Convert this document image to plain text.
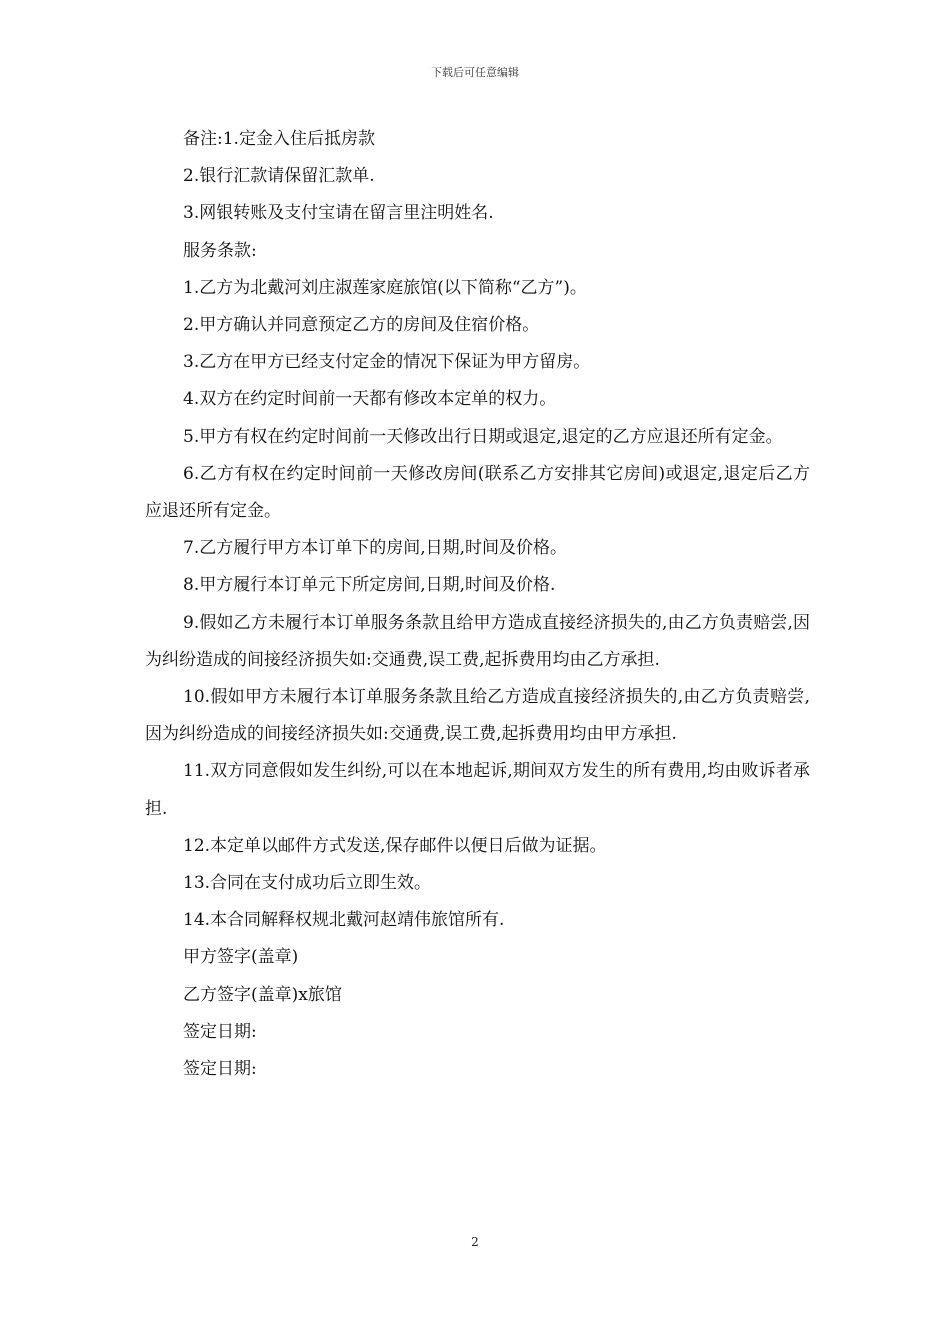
下载后可任意编辑

备注:1.定金入住后抵房款

2.银行汇款请保留汇款单.

3.网银转账及支付宝请在留言里注明姓名.

服务条款:

1.乙方为北戴河刘庄淑莲家庭旅馆(以下简称“乙方”)。

2.甲方确认并同意预定乙方的房间及住宿价格。

3.乙方在甲方已经支付定金的情况下保证为甲方留房。

4.双方在约定时间前一天都有修改本定单的权力。

5.甲方有权在约定时间前一天修改出行日期或退定,退定的乙方应退还所有定金。

6.乙方有权在约定时间前一天修改房间(联系乙方安排其它房间)或退定,退定后乙方应退还所有定金。

7.乙方履行甲方本订单下的房间,日期,时间及价格。

8.甲方履行本订单元下所定房间,日期,时间及价格.

9.假如乙方未履行本订单服务条款且给甲方造成直接经济损失的,由乙方负责赔尝,因为纠纷造成的间接经济损失如:交通费,误工费,起拆费用均由乙方承担.

10.假如甲方未履行本订单服务条款且给乙方造成直接经济损失的,由乙方负责赔尝,因为纠纷造成的间接经济损失如:交通费,误工费,起拆费用均由甲方承担.

11.双方同意假如发生纠纷,可以在本地起诉,期间双方发生的所有费用,均由败诉者承担.

12.本定单以邮件方式发送,保存邮件以便日后做为证据。

13.合同在支付成功后立即生效。

14.本合同解释权规北戴河赵靖伟旅馆所有.

甲方签字(盖章)

乙方签字(盖章)x旅馆

签定日期:

签定日期:

2
